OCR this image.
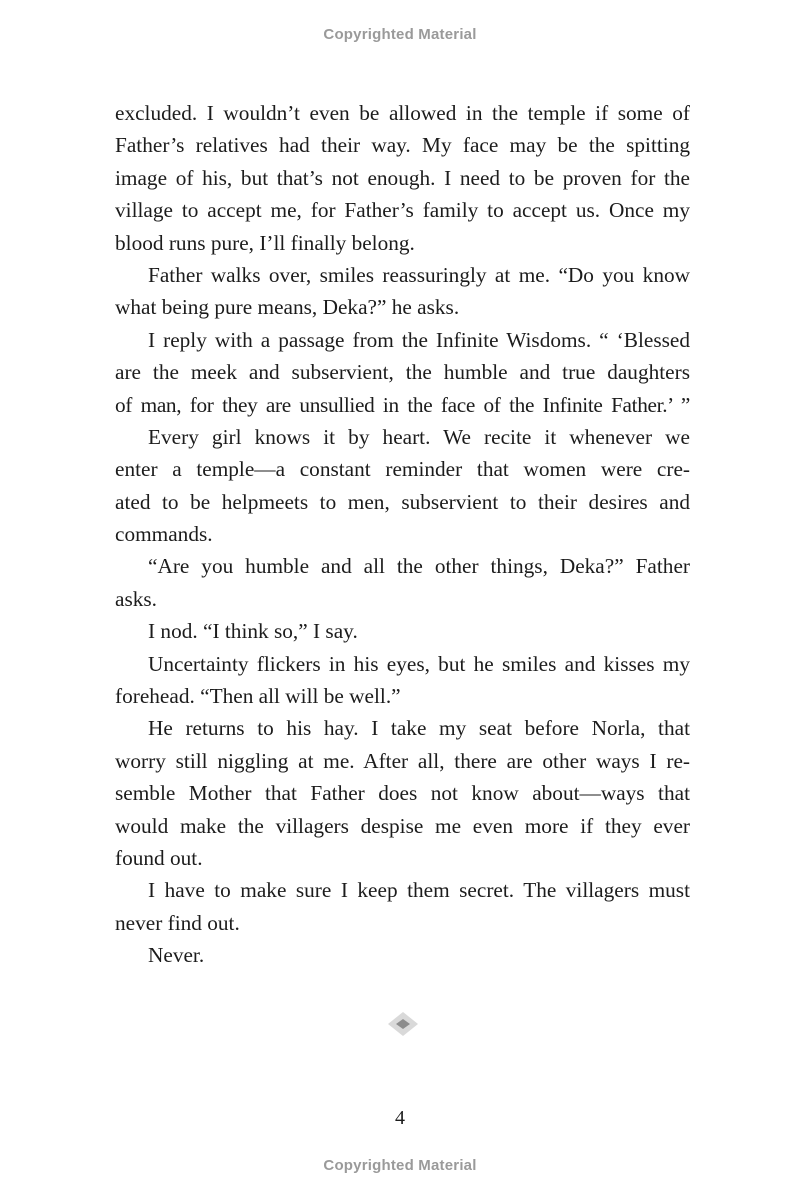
Copyrighted Material
excluded. I wouldn’t even be allowed in the temple if some of
Father’s relatives had their way. My face may be the spitting
image of his, but that’s not enough. I need to be proven for the
village to accept me, for Father’s family to accept us. Once my
blood runs pure, I’ll finally belong.
Father walks over, smiles reassuringly at me. “Do you know
what being pure means, Deka?” he asks.
I reply with a passage from the Infinite Wisdoms. “ ‘Blessed
are the meek and subservient, the humble and true daughters
of man, for they are unsullied in the face of the Infinite Father.’ ”
Every girl knows it by heart. We recite it whenever we
enter a temple—a constant reminder that women were cre-
ated to be helpmeets to men, subservient to their desires and
commands.
“Are you humble and all the other things, Deka?” Father
asks.
I nod. “I think so,” I say.
Uncertainty flickers in his eyes, but he smiles and kisses my
forehead. “Then all will be well.”
He returns to his hay. I take my seat before Norla, that
worry still niggling at me. After all, there are other ways I re-
semble Mother that Father does not know about—ways that
would make the villagers despise me even more if they ever
found out.
I have to make sure I keep them secret. The villagers must
never find out.
Never.
4
Copyrighted Material
